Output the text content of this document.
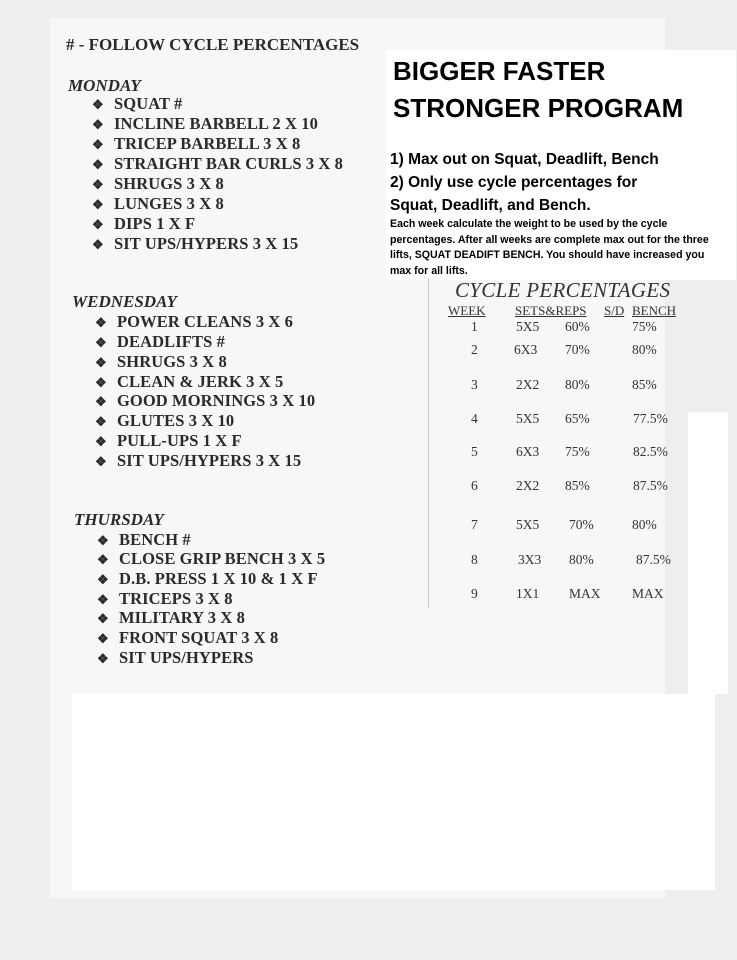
# - FOLLOW CYCLE PERCENTAGES
MONDAY
❖ SQUAT #
❖ INCLINE BARBELL 2 X 10
❖ TRICEP BARBELL 3 X 8
❖ STRAIGHT BAR CURLS 3 X 8
❖ SHRUGS 3 X 8
❖ LUNGES 3 X 8
❖ DIPS 1 X F
❖ SIT UPS/HYPERS 3 X 15
WEDNESDAY
❖ POWER CLEANS 3 X 6
❖ DEADLIFTS #
❖ SHRUGS 3 X 8
❖ CLEAN & JERK 3 X 5
❖ GOOD MORNINGS 3 X 10
❖ GLUTES 3 X 10
❖ PULL-UPS 1 X F
❖ SIT UPS/HYPERS 3 X 15
THURSDAY
❖ BENCH #
❖ CLOSE GRIP BENCH 3 X 5
❖ D.B. PRESS 1 X 10 & 1 X F
❖ TRICEPS 3 X 8
❖ MILITARY 3 X 8
❖ FRONT SQUAT 3 X 8
❖ SIT UPS/HYPERS
BIGGER FASTER
STRONGER PROGRAM
1) Max out on Squat, Deadlift, Bench
2) Only use cycle percentages for
Squat, Deadlift, and Bench.
Each week calculate the weight to be used by the cycle percentages. After all weeks are complete max out for the three lifts, SQUAT DEADIFT BENCH. You should have increased you max for all lifts.
CYCLE PERCENTAGES
WEEK SETS&REPS S/D BENCH
1	5X5 60%	75%
2	6X3 70%	80%
3	2X2 80%	85%
4	5X5 65%	77.5%
5	6X3 75%	82.5%
6	2X2 85%	87.5%
7	5X5 70%	80%
8	3X3 80%	87.5%
9	1X1 MAX MAX
